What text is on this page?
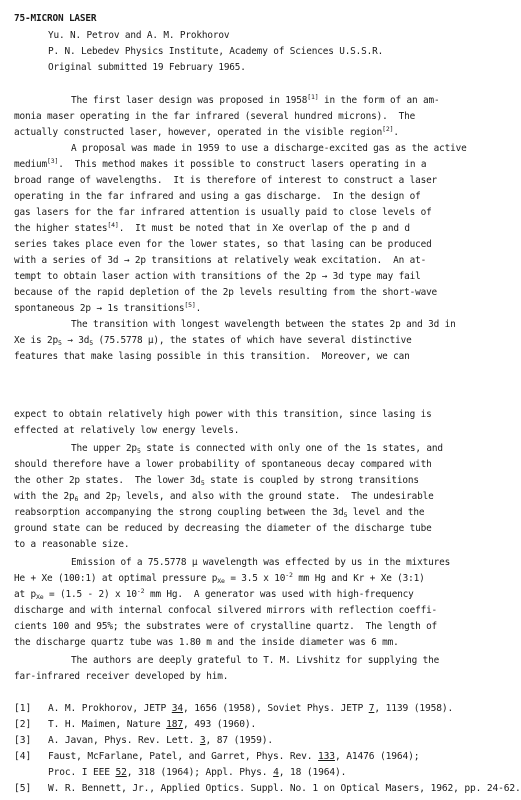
75-MICRON LASER
Yu. N. Petrov and A. M. Prokhorov
P. N. Lebedev Physics Institute, Academy of Sciences U.S.S.R.
Original submitted 19 February 1965.
The first laser design was proposed in 1958[1] in the form of an am-
monia maser operating in the far infrared (several hundred microns).  The
actually constructed laser, however, operated in the visible region[2].
A proposal was made in 1959 to use a discharge-excited gas as the active
medium[3].  This method makes it possible to construct lasers operating in a
broad range of wavelengths.  It is therefore of interest to construct a laser
operating in the far infrared and using a gas discharge.  In the design of
gas lasers for the far infrared attention is usually paid to close levels of
the higher states[4].  It must be noted that in Xe overlap of the p and d
series takes place even for the lower states, so that lasing can be produced
with a series of 3d → 2p transitions at relatively weak excitation.  An at-
tempt to obtain laser action with transitions of the 2p → 3d type may fail
because of the rapid depletion of the 2p levels resulting from the short-wave
spontaneous 2p → 1s transitions[5].
The transition with longest wavelength between the states 2p and 3d in
Xe is $2p_5 \to 3d_5$ (75.5778 μ), the states of which have several distinctive
features that make lasing possible in this transition.  Moreover, we can
expect to obtain relatively high power with this transition, since lasing is
effected at relatively low energy levels.
The upper $2p_5$ state is connected with only one of the 1s states, and
should therefore have a lower probability of spontaneous decay compared with
the other 2p states.  The lower $3d_5$ state is coupled by strong transitions
with the $2p_6$ and $2p_7$ levels, and also with the ground state.  The undesirable
reabsorption accompanying the strong coupling between the $3d_5$ level and the
ground state can be reduced by decreasing the diameter of the discharge tube
to a reasonable size.
Emission of a 75.5778 μ wavelength was effected by us in the mixtures
He + Xe (100:1) at optimal pressure $p_{Xe} = 3.5$ x $10^{-2}$ mm Hg and Kr + Xe (3:1)
at $p_{Xe} = (1.5 - 2)$ x $10^{-2}$ mm Hg.  A generator was used with high-frequency
discharge and with internal confocal silvered mirrors with reflection coeffi-
cients 100 and 95%; the substrates were of crystalline quartz.  The length of
the discharge quartz tube was 1.80 m and the inside diameter was 6 mm.
The authors are deeply grateful to T. M. Livshitz for supplying the
far-infrared receiver developed by him.
[1] A. M. Prokhorov, JETP 34, 1656 (1958), Soviet Phys. JETP 7, 1139 (1958).
[2] T. H. Maimen, Nature 187, 493 (1960).
[3] A. Javan, Phys. Rev. Lett. 3, 87 (1959).
[4] Faust, McFarlane, Patel, and Garret, Phys. Rev. 133, A1476 (1964);
Proc. I EEE 52, 318 (1964); Appl. Phys. 4, 18 (1964).
[5] W. R. Bennett, Jr., Applied Optics. Suppl. No. 1 on Optical Masers, 1962, pp. 24-62.
